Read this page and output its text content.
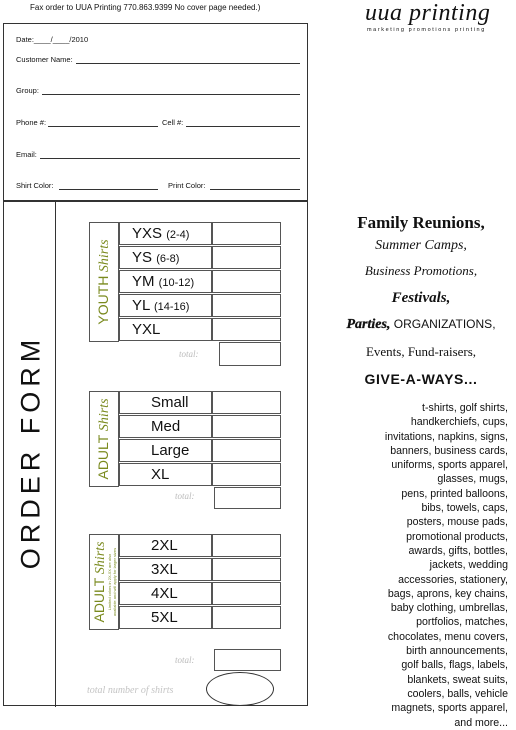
Fax order to UUA Printing 770.863.9399 No cover page needed.)	uua printing
marketing promotions printing
Date:____/____/2010
Customer Name:
Group:
Phone #:	Cell #:
Email:
Shirt Color:	Print Color:
ORDER FORM
YOUTH Shirts
YXS (2-4)
YS (6-8)
YM (10-12)
YL (14-16)
YXL
total:
ADULT Shirts	Small
Med
Large
XL
total:
ADULT Shirts Limited colors in 2X-5X are also available and will apply for larger sizes
2XL
3XL
4XL
5XL
total:
total number of shirts
Family Reunions,
Summer Camps,
Business Promotions,
Festivals,
Parties, ORGANIZATIONS,
Events, Fund-raisers,
GIVE-A-WAYS...
t-shirts, golf shirts,
handkerchiefs, cups,
invitations, napkins, signs,
banners, business cards,
uniforms, sports apparel,
glasses, mugs,
pens, printed balloons,
bibs, towels, caps,
posters, mouse pads,
promotional products,
awards, gifts, bottles,
jackets, wedding
accessories, stationery,
bags, aprons, key chains,
baby clothing, umbrellas,
portfolios, matches,
chocolates, menu covers,
birth announcements,
golf balls, flags, labels,
blankets, sweat suits,
coolers, balls, vehicle
magnets, sports apparel,
and more...
